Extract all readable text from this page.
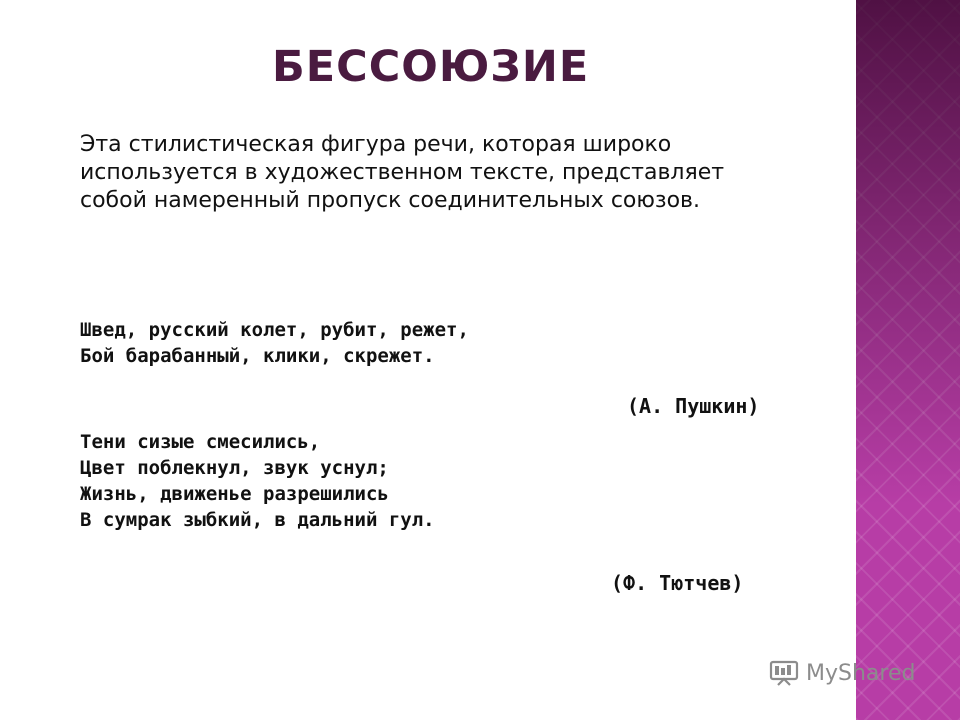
БЕССОЮЗИЕ

Эта стилистическая фигура речи, которая широко используется в художественном тексте, представляет собой намеренный пропуск соединительных союзов.

Швед, русский колет, рубит, режет,
Бой барабанный, клики, скрежет.
(А. Пушкин)
Тени сизые смесились,
Цвет поблекнул, звук уснул;
Жизнь, движенье разрешились
В сумрак зыбкий, в дальний гул.
(Ф. Тютчев)
MyShared
